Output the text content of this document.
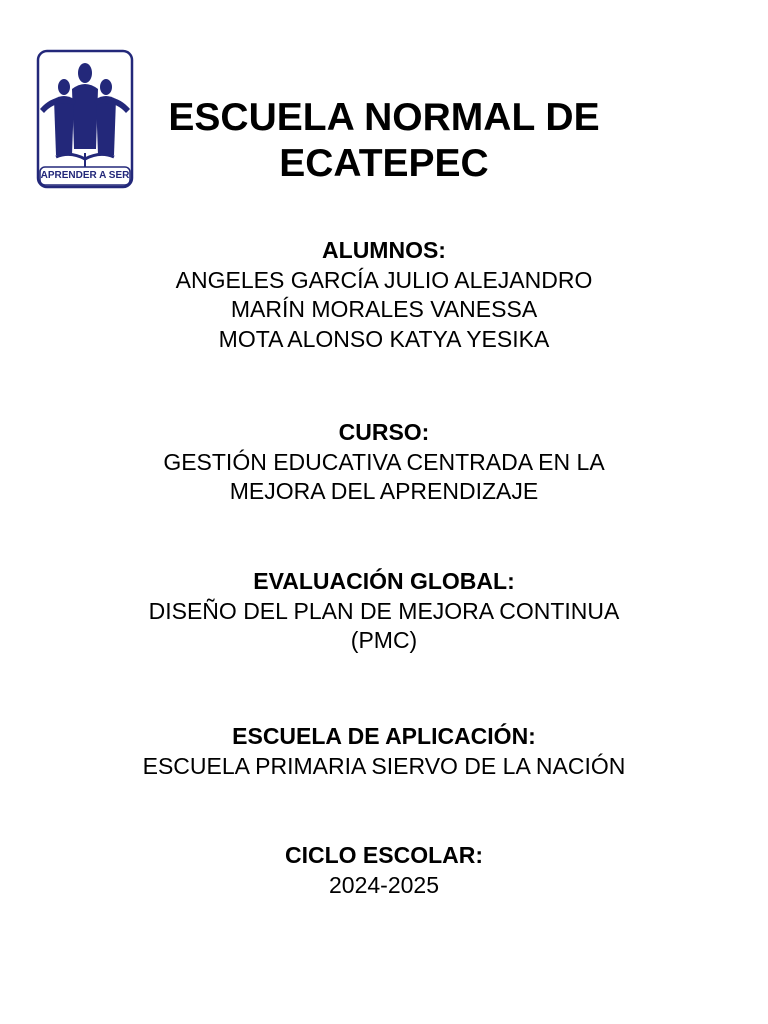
APRENDER A SER
ESCUELA NORMAL DE
ECATEPEC
ALUMNOS:
ANGELES GARCÍA JULIO ALEJANDRO
MARÍN MORALES VANESSA
MOTA ALONSO KATYA YESIKA
CURSO:
GESTIÓN EDUCATIVA CENTRADA EN LA
MEJORA DEL APRENDIZAJE
EVALUACIÓN GLOBAL:
DISEÑO DEL PLAN DE MEJORA CONTINUA
(PMC)
ESCUELA DE APLICACIÓN:
ESCUELA PRIMARIA SIERVO DE LA NACIÓN
CICLO ESCOLAR:
2024-2025
